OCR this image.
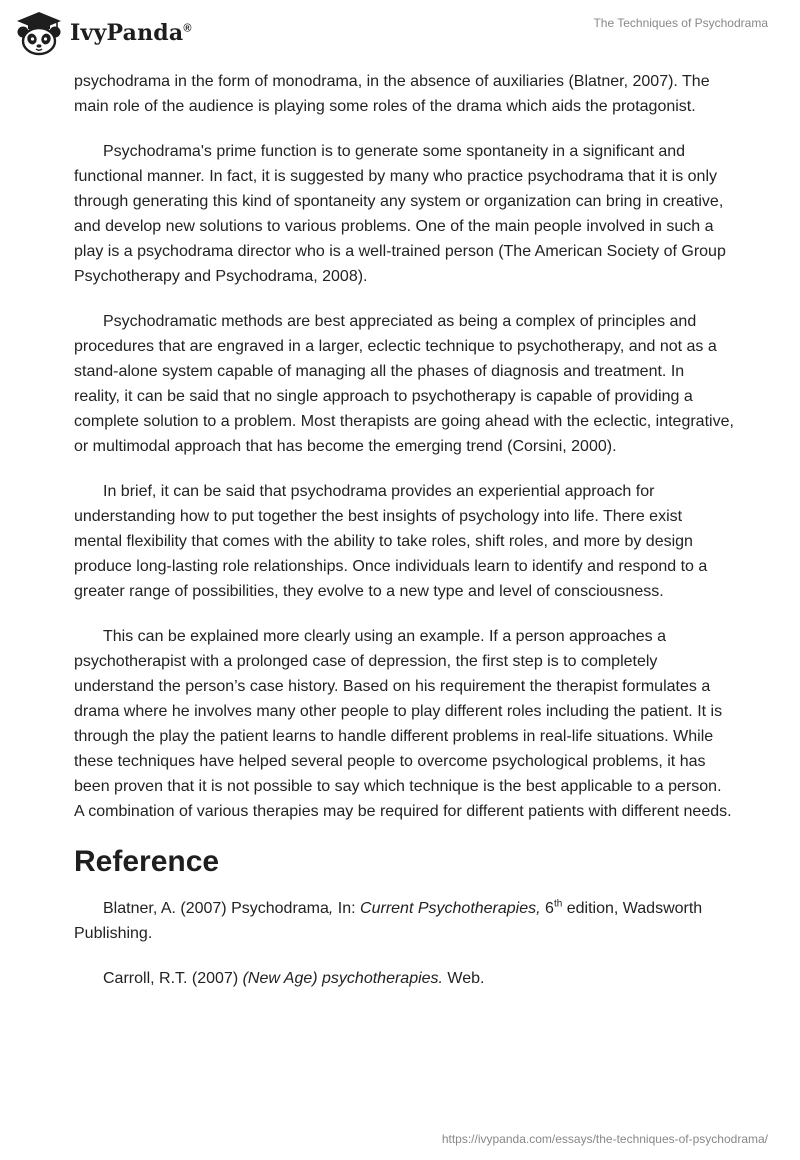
IvyPanda®	The Techniques of Psychodrama

psychodrama in the form of monodrama, in the absence of auxiliaries (Blatner, 2007). The main role of the audience is playing some roles of the drama which aids the protagonist.

Psychodrama's prime function is to generate some spontaneity in a significant and functional manner. In fact, it is suggested by many who practice psychodrama that it is only through generating this kind of spontaneity any system or organization can bring in creative, and develop new solutions to various problems. One of the main people involved in such a play is a psychodrama director who is a well-trained person (The American Society of Group Psychotherapy and Psychodrama, 2008).

Psychodramatic methods are best appreciated as being a complex of principles and procedures that are engraved in a larger, eclectic technique to psychotherapy, and not as a stand-alone system capable of managing all the phases of diagnosis and treatment. In reality, it can be said that no single approach to psychotherapy is capable of providing a complete solution to a problem. Most therapists are going ahead with the eclectic, integrative, or multimodal approach that has become the emerging trend (Corsini, 2000).

In brief, it can be said that psychodrama provides an experiential approach for understanding how to put together the best insights of psychology into life. There exist mental flexibility that comes with the ability to take roles, shift roles, and more by design produce long-lasting role relationships. Once individuals learn to identify and respond to a greater range of possibilities, they evolve to a new type and level of consciousness.

This can be explained more clearly using an example. If a person approaches a psychotherapist with a prolonged case of depression, the first step is to completely understand the person’s case history. Based on his requirement the therapist formulates a drama where he involves many other people to play different roles including the patient. It is through the play the patient learns to handle different problems in real-life situations. While these techniques have helped several people to overcome psychological problems, it has been proven that it is not possible to say which technique is the best applicable to a person. A combination of various therapies may be required for different patients with different needs.

Reference

Blatner, A. (2007) Psychodrama, In: Current Psychotherapies, 6th edition, Wadsworth Publishing.

Carroll, R.T. (2007) (New Age) psychotherapies. Web.

https://ivypanda.com/essays/the-techniques-of-psychodrama/
